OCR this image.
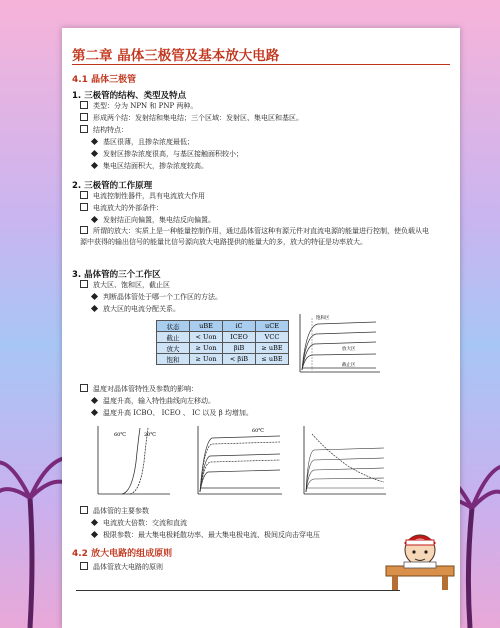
第二章 晶体三极管及基本放大电路
4.1 晶体三极管
1. 三极管的结构、类型及特点
类型：分为 NPN 和 PNP 两种。
形成两个结：发射结和集电结；三个区域：发射区、集电区和基区。
结构特点：
基区很薄，且掺杂浓度最低；
发射区掺杂浓度很高，与基区接触面积较小；
集电区结面积大，掺杂浓度较高。
2. 三极管的工作原理
电流控制性器件，具有电流放大作用
电流放大的外部条件：
发射结正向偏置，集电结反向偏置。
所谓的放大：实质上是一种能量控制作用，通过晶体管这种有源元件对直流电源的能量进行控制，使负载从电源中获得的输出信号的能量比信号源向放大电路提供的能量大的多，放大的特征是功率放大。
3. 晶体管的三个工作区
放大区、饱和区，截止区
判断晶体管处于哪一个工作区的方法。
放大区的电流分配关系。
状态	uBE	iC	uCE
截止	< Uon	ICEO	VCC
放大	≥ Uon	βiB	≥ uBE
饱和	≥ Uon	< βiB	≤ uBE
饱和区
放大区
截止区
温度对晶体管特性及参数的影响：
温度升高，输入特性曲线向左移动。
温度升高 ICBO、 ICEO 、 IC 以及 β 均增加。
60℃	20℃
60℃
晶体管的主要参数
电流放大倍数：交流和直流
极限参数：最大集电极耗散功率、最大集电极电流、极间反向击穿电压
4.2 放大电路的组成原则
晶体管放大电路的原则
